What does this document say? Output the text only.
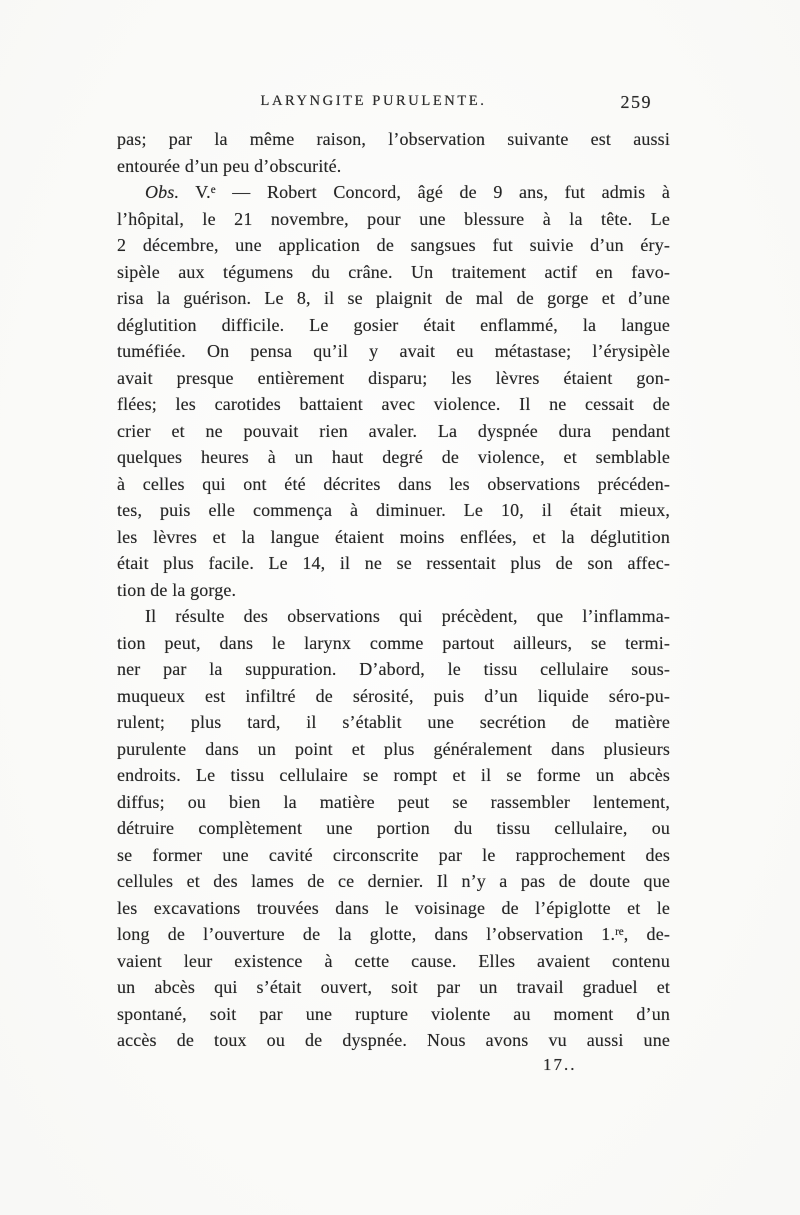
LARYNGITE PURULENTE.	259
pas; par la même raison, l’observation suivante est aussi
entourée d’un peu d’obscurité.
Obs. V.$^e$ — Robert Concord, âgé de 9 ans, fut admis à
l’hôpital, le 21 novembre, pour une blessure à la tête. Le
2 décembre, une application de sangsues fut suivie d’un éry-
sipèle aux tégumens du crâne. Un traitement actif en favo-
risa la guérison. Le 8, il se plaignit de mal de gorge et d’une
déglutition difficile. Le gosier était enflammé, la langue
tuméfiée. On pensa qu’il y avait eu métastase; l’érysipèle
avait presque entièrement disparu; les lèvres étaient gon-
flées; les carotides battaient avec violence. Il ne cessait de
crier et ne pouvait rien avaler. La dyspnée dura pendant
quelques heures à un haut degré de violence, et semblable
à celles qui ont été décrites dans les observations précéden-
tes, puis elle commença à diminuer. Le 10, il était mieux,
les lèvres et la langue étaient moins enflées, et la déglutition
était plus facile. Le 14, il ne se ressentait plus de son affec-
tion de la gorge.
Il résulte des observations qui précèdent, que l’inflamma-
tion peut, dans le larynx comme partout ailleurs, se termi-
ner par la suppuration. D’abord, le tissu cellulaire sous-
muqueux est infiltré de sérosité, puis d’un liquide séro-pu-
rulent; plus tard, il s’établit une secrétion de matière
purulente dans un point et plus généralement dans plusieurs
endroits. Le tissu cellulaire se rompt et il se forme un abcès
diffus; ou bien la matière peut se rassembler lentement,
détruire complètement une portion du tissu cellulaire, ou
se former une cavité circonscrite par le rapprochement des
cellules et des lames de ce dernier. Il n’y a pas de doute que
les excavations trouvées dans le voisinage de l’épiglotte et le
long de l’ouverture de la glotte, dans l’observation 1.$^{re}$, de-
vaient leur existence à cette cause. Elles avaient contenu
un abcès qui s’était ouvert, soit par un travail graduel et
spontané, soit par une rupture violente au moment d’un
accès de toux ou de dyspnée. Nous avons vu aussi une
17..
